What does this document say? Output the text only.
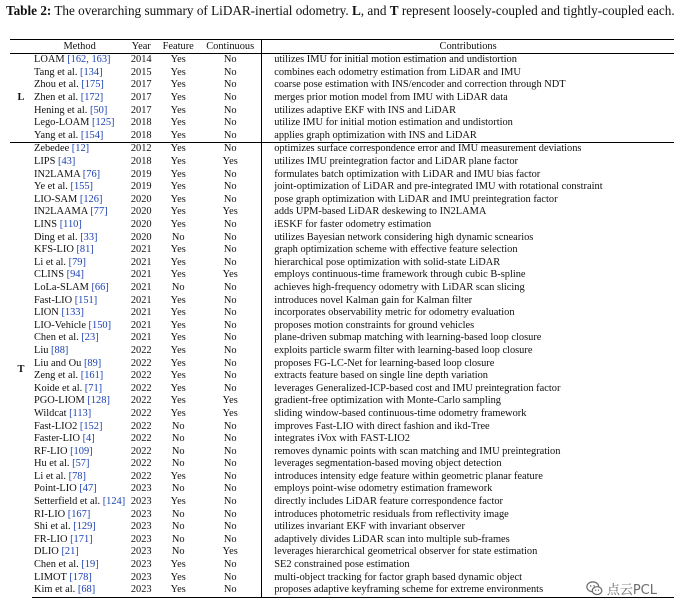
Table 2: The overarching summary of LiDAR-inertial odometry. L, and T represent loosely-coupled and tightly-coupled each.
	Method	Year	Feature	Continuous	Contributions
L	LOAM [162, 163]	2014	Yes	No	utilizes IMU for initial motion estimation and undistortion
	Tang et al. [134]	2015	Yes	No	combines each odometry estimation from LiDAR and IMU
	Zhou et al. [175]	2017	Yes	No	coarse pose estimation with INS/encoder and correction through NDT
	Zhen et al. [172]	2017	Yes	No	merges prior motion model from IMU with LiDAR data
	Hening et al. [50]	2017	Yes	No	utilizes adaptive EKF with INS and LiDAR
	Lego-LOAM [125]	2018	Yes	No	utilize IMU for initial motion estimation and undistortion
	Yang et al. [154]	2018	Yes	No	applies graph optimization with INS and LiDAR
T	Zebedee [12]	2012	Yes	No	optimizes surface correspondence error and IMU measurement deviations
	LIPS [43]	2018	Yes	Yes	utilizes IMU preintegration factor and LiDAR plane factor
	IN2LAMA [76]	2019	Yes	No	formulates batch optimization with LiDAR and IMU bias factor
	Ye et al. [155]	2019	Yes	No	joint-optimization of LiDAR and pre-integrated IMU with rotational constraint
	LIO-SAM [126]	2020	Yes	No	pose graph optimization with LiDAR and IMU preintegration factor
	IN2LAAMA [77]	2020	Yes	Yes	adds UPM-based LiDAR deskewing to IN2LAMA
	LINS [110]	2020	Yes	No	iESKF for faster odometry estimation
	Ding et al. [33]	2020	No	No	utilizes Bayesian network considering high dynamic scnearios
	KFS-LIO [81]	2021	Yes	No	graph optimization scheme with effective feature selection
	Li et al. [79]	2021	Yes	No	hierarchical pose optimization with solid-state LiDAR
	CLINS [94]	2021	Yes	Yes	employs continuous-time framework through cubic B-spline
	LoLa-SLAM [66]	2021	No	No	achieves high-frequency odometry with LiDAR scan slicing
	Fast-LIO [151]	2021	Yes	No	introduces novel Kalman gain for Kalman filter
	LION [133]	2021	Yes	No	incorporates observability metric for odometry evaluation
	LIO-Vehicle [150]	2021	Yes	No	proposes motion constraints for ground vehicles
	Chen et al. [23]	2021	Yes	No	plane-driven submap matching with learning-based loop closure
	Liu [88]	2022	Yes	No	exploits particle swarm filter with learning-based loop closure
	Liu and Ou [89]	2022	Yes	No	proposes FG-LC-Net for learning-based loop closure
	Zeng et al. [161]	2022	Yes	No	extracts feature based on single line depth variation
	Koide et al. [71]	2022	Yes	No	leverages Generalized-ICP-based cost and IMU preintegration factor
	PGO-LIOM [128]	2022	Yes	Yes	gradient-free optimization with Monte-Carlo sampling
	Wildcat [113]	2022	Yes	Yes	sliding window-based continuous-time odometry framework
	Fast-LIO2 [152]	2022	No	No	improves Fast-LIO with direct fashion and ikd-Tree
	Faster-LIO [4]	2022	No	No	integrates iVox with FAST-LIO2
	RF-LIO [109]	2022	No	No	removes dynamic points with scan matching and IMU preintegration
	Hu et al. [57]	2022	No	No	leverages segmentation-based moving object detection
	Li et al. [78]	2022	Yes	No	introduces intensity edge feature within geometric planar feature
	Point-LIO [47]	2023	No	No	employs point-wise odometry estimation framework
	Setterfield et al. [124]	2023	Yes	No	directly includes LiDAR feature correspondence factor
	RI-LIO [167]	2023	No	No	introduces photometric residuals from reflectivity image
	Shi et al. [129]	2023	No	No	utilizes invariant EKF with invariant observer
	FR-LIO [171]	2023	No	No	adaptively divides LiDAR scan into multiple sub-frames
	DLIO [21]	2023	No	Yes	leverages hierarchical geometrical observer for state estimation
	Chen et al. [19]	2023	Yes	No	SE2 constrained pose estimation
	LIMOT [178]	2023	Yes	No	multi-object tracking for factor graph based dynamic object
	Kim et al. [68]	2023	Yes	No	proposes adaptive keyframing scheme for extreme environments	点云PCL
